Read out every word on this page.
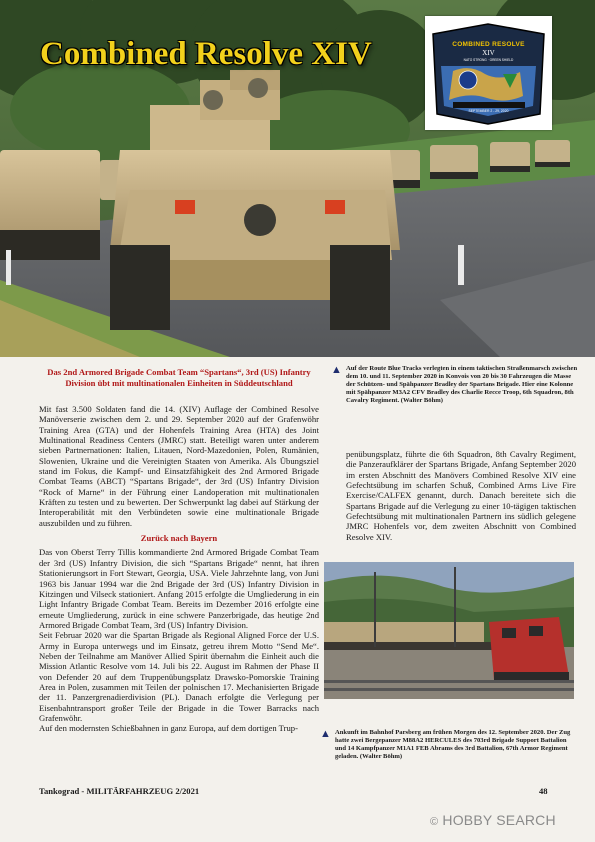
Combined Resolve XIV	COMBINED RESOLVE
XIV
NATO STRONG · GREEN SHIELD
SEPTEMBER 2 - 29, 2020
Das 2nd Armored Brigade Combat Team “Spartans“, 3rd (US) Infantry Division übt mit multinationalen Einheiten in Süddeutschland
▲ Auf der Route Blue Tracks verlegten in einem taktischen Straßenmarsch zwischen dem 10. und 11. September 2020 in Konvois von 20 bis 30 Fahrzeugen die Masse der Schützen- und Spähpanzer Bradley der Spartans Brigade. Hier eine Kolonne mit Spähpanzer M3A2 CFV Bradley des Charlie Recce Troop, 6th Squadron, 8th Cavalry Regiment. (Walter Böhm)

Mit fast 3.500 Soldaten fand die 14. (XIV) Auflage der Combined Resolve Manöverserie zwischen dem 2. und 29. September 2020 auf der Grafenwöhr Training Area (GTA) und der Hohenfels Training Area (HTA) des Joint Multinational Readiness Centers (JMRC) statt. Beteiligt waren unter anderem sieben Partnernationen: Italien, Litauen, Nord-Mazedonien, Polen, Rumänien, Slowenien, Ukraine und die Vereinigten Staaten von Amerika. Als Übungsziel stand im Fokus, die Kampf- und Einsatzfähigkeit des 2nd Armored Brigade Combat Teams (ABCT) “Spartans Brigade“, der 3rd (US) Infantry Division “Rock of Marne“ in der Führung einer Landoperation mit multinationalen Kräften zu testen und zu bewerten. Der Schwerpunkt lag dabei auf Stärkung der Interoperabilität mit den Verbündeten sowie eine multinationale Brigade auszubilden und zu führen.

Zurück nach Bayern

Das von Oberst Terry Tillis kommandierte 2nd Armored Brigade Combat Team der 3rd (US) Infantry Division, die sich “Spartans Brigade“ nennt, hat ihren Stationierungsort in Fort Stewart, Georgia, USA. Viele Jahrzehnte lang, von Juni 1963 bis Januar 1994 war die 2nd Brigade der 3rd (US) Infantry Division in Kitzingen und Vilseck stationiert. Anfang 2015 erfolgte die Umgliederung in ein Light Infantry Brigade Combat Team. Bereits im Dezember 2016 erfolgte eine erneute Umgliederung, zurück in eine schwere Panzerbrigade, das heutige 2nd Armored Brigade Combat Team, 3rd (US) Infantry Division.

Seit Februar 2020 war die Spartan Brigade als Regional Aligned Force der U.S. Army in Europa unterwegs und im Einsatz, getreu ihrem Motto “Send Me“. Neben der Teilnahme am Manöver Allied Spirit übernahm die Einheit auch die Mission Atlantic Resolve vom 14. Juli bis 22. August im Rahmen der Phase II von Defender 20 auf dem Truppenübungsplatz Drawsko-Pomorskie Training Area in Polen, zusammen mit Teilen der polnischen 17. Mechanisierten Brigade der 11. Panzergrenadierdivision (PL). Danach erfolgte die Verlegung per Eisenbahntransport großer Teile der Brigade in die Tower Barracks nach Grafenwöhr.

Auf den modernsten Schießbahnen in ganz Europa, auf dem dortigen Trup-

penübungsplatz, führte die 6th Squadron, 8th Cavalry Regiment, die Panzeraufklärer der Spartans Brigade, Anfang September 2020 im ersten Abschnitt des Manövers Combined Resolve XIV eine Gefechtsübung im scharfen Schuß, Combined Arms Live Fire Exercise/CALFEX genannt, durch. Danach bereitete sich die Spartans Brigade auf die Verlegung zu einer 10-tägigen taktischen Gefechtsübung mit multinationalen Partnern ins südlich gelegene JMRC Hohenfels vor, dem zweiten Abschnitt von Combined Resolve XIV.

▲ Ankunft im Bahnhof Parsberg am frühen Morgen des 12. September 2020. Der Zug hatte zwei Bergepanzer M88A2 HERCULES des 703rd Brigade Support Battalion und 14 Kampfpanzer M1A1 FEB Abrams des 3rd Battalion, 67th Armor Regiment geladen. (Walter Böhm)
Tankograd - MILITÄRFAHRZEUG 2/2021	48
© HOBBY SEARCH
